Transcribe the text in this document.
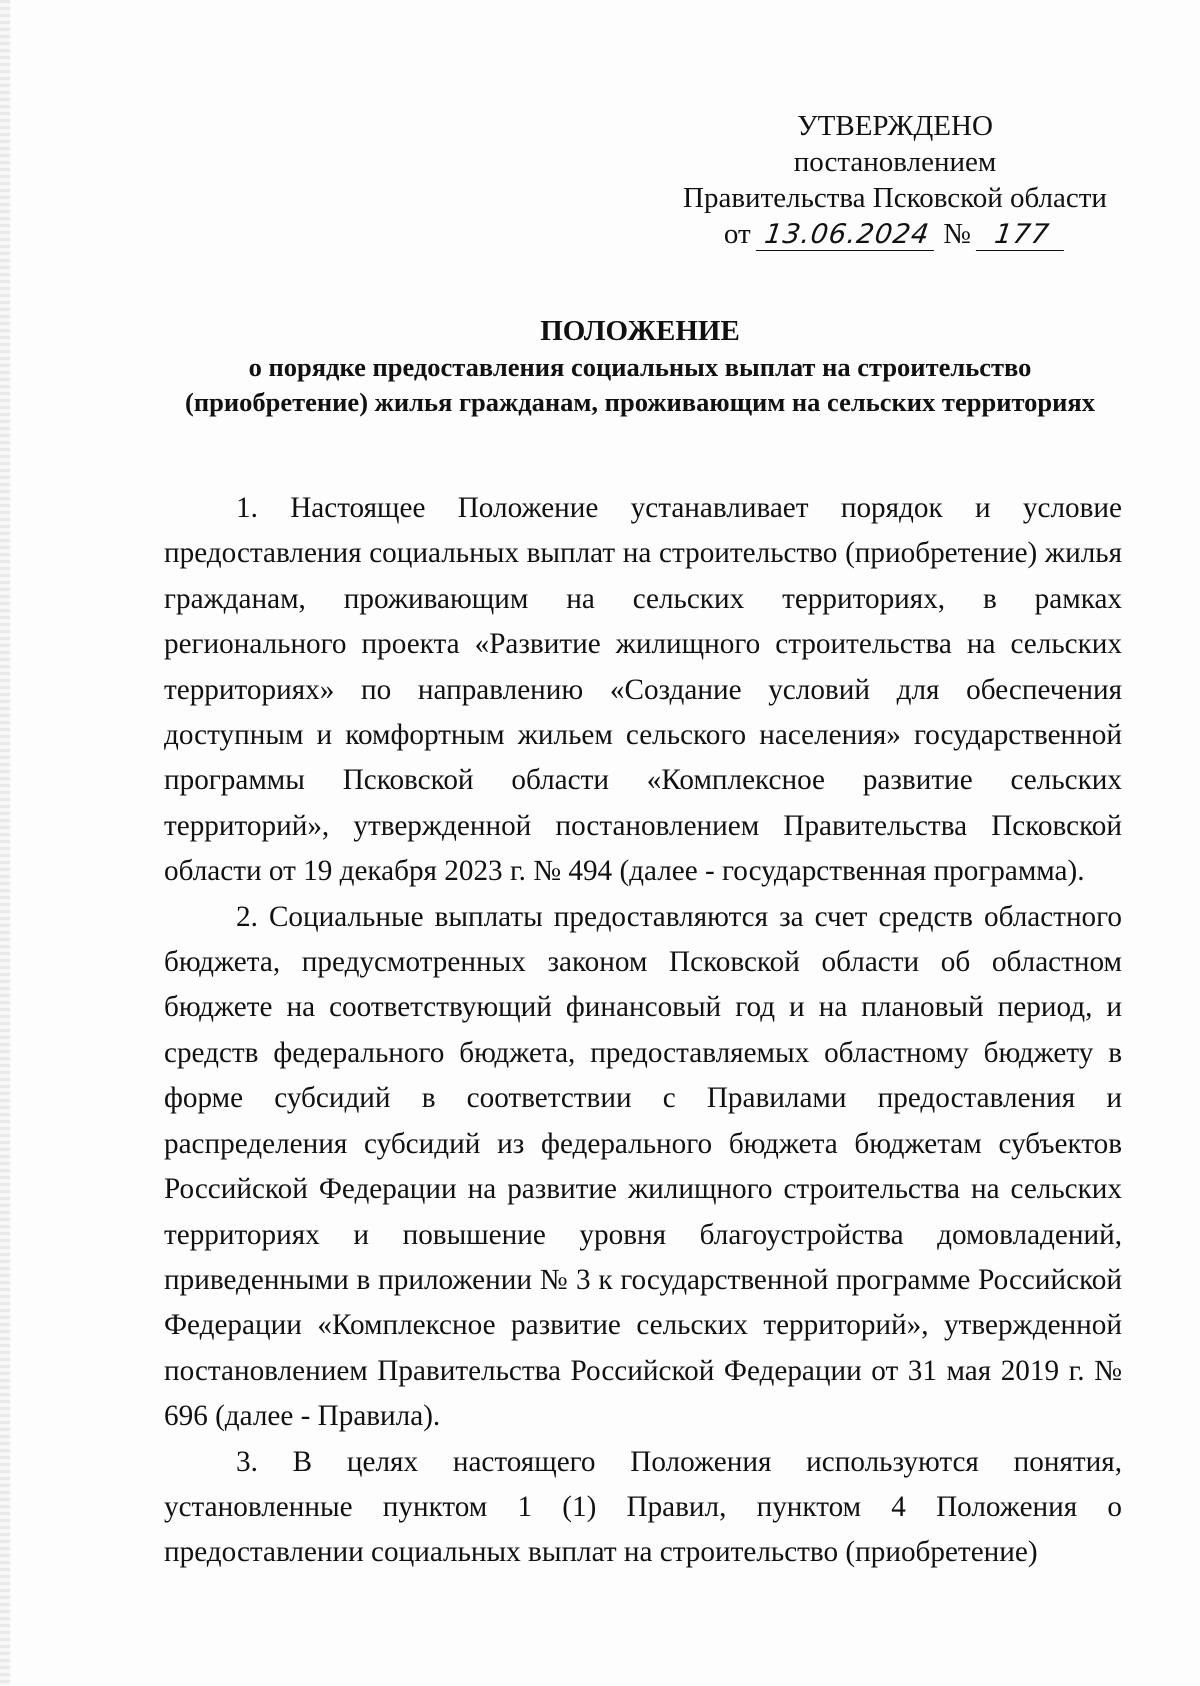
УТВЕРЖДЕНО
постановлением
Правительства Псковской области
от 13.06.2024 № 177
ПОЛОЖЕНИЕ
о порядке предоставления социальных выплат на строительство (приобретение) жилья гражданам, проживающим на сельских территориях

1. Настоящее Положение устанавливает порядок и условие предоставления социальных выплат на строительство (приобретение) жилья гражданам, проживающим на сельских территориях, в рамках регионального проекта «Развитие жилищного строительства на сельских территориях» по направлению «Создание условий для обеспечения доступным и комфортным жильем сельского населения» государственной программы Псковской области «Комплексное развитие сельских территорий», утвержденной постановлением Правительства Псковской области от 19 декабря 2023 г. № 494 (далее - государственная программа).

2. Социальные выплаты предоставляются за счет средств областного бюджета, предусмотренных законом Псковской области об областном бюджете на соответствующий финансовый год и на плановый период, и средств федерального бюджета, предоставляемых областному бюджету в форме субсидий в соответствии с Правилами предоставления и распределения субсидий из федерального бюджета бюджетам субъектов Российской Федерации на развитие жилищного строительства на сельских территориях и повышение уровня благоустройства домовладений, приведенными в приложении № 3 к государственной программе Российской Федерации «Комплексное развитие сельских территорий», утвержденной постановлением Правительства Российской Федерации от 31 мая 2019 г. № 696 (далее - Правила).

3. В целях настоящего Положения используются понятия, установленные пунктом 1 (1) Правил, пунктом 4 Положения о предоставлении социальных выплат на строительство (приобретение)
